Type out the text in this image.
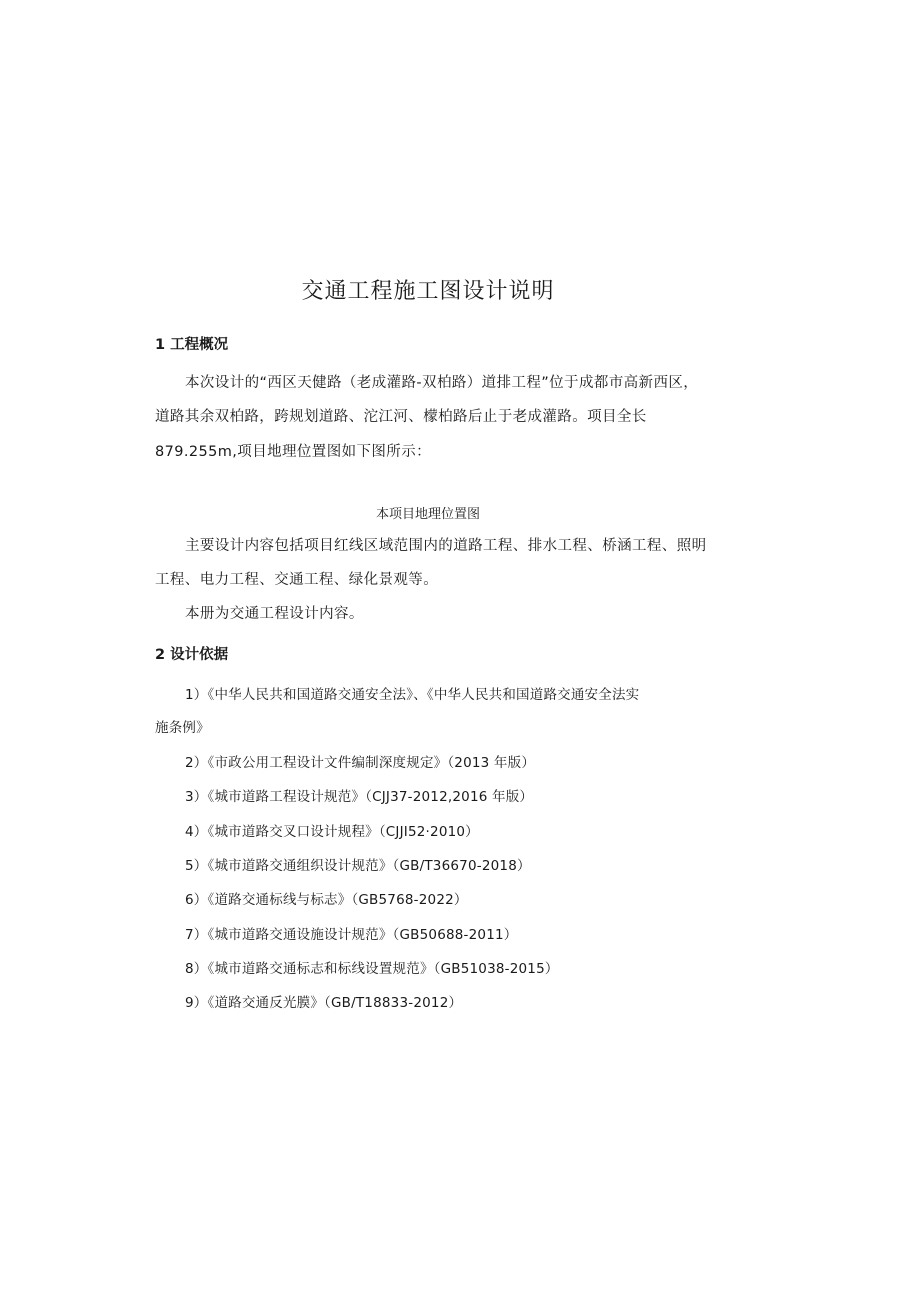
交通工程施工图设计说明
1 工程概况
本次设计的“西区天健路（老成灌路-双柏路）道排工程”位于成都市高新西区，
道路其余双柏路，跨规划道路、沱江河、檬柏路后止于老成灌路。项目全长
879.255m,项目地理位置图如下图所示：
本项目地理位置图
主要设计内容包括项目红线区域范围内的道路工程、排水工程、桥涵工程、照明
工程、电力工程、交通工程、绿化景观等。
本册为交通工程设计内容。
2 设计依据
1）《中华人民共和国道路交通安全法》、《中华人民共和国道路交通安全法实
施条例》
2）《市政公用工程设计文件编制深度规定》（2013 年版）
3）《城市道路工程设计规范》（CJJ37-2012,2016 年版）
4）《城市道路交叉口设计规程》（CJJI52·2010）
5）《城市道路交通组织设计规范》（GB/T36670-2018）
6）《道路交通标线与标志》（GB5768-2022）
7）《城市道路交通设施设计规范》（GB50688-2011）
8）《城市道路交通标志和标线设置规范》（GB51038-2015）
9）《道路交通反光膜》（GB/T18833-2012）
